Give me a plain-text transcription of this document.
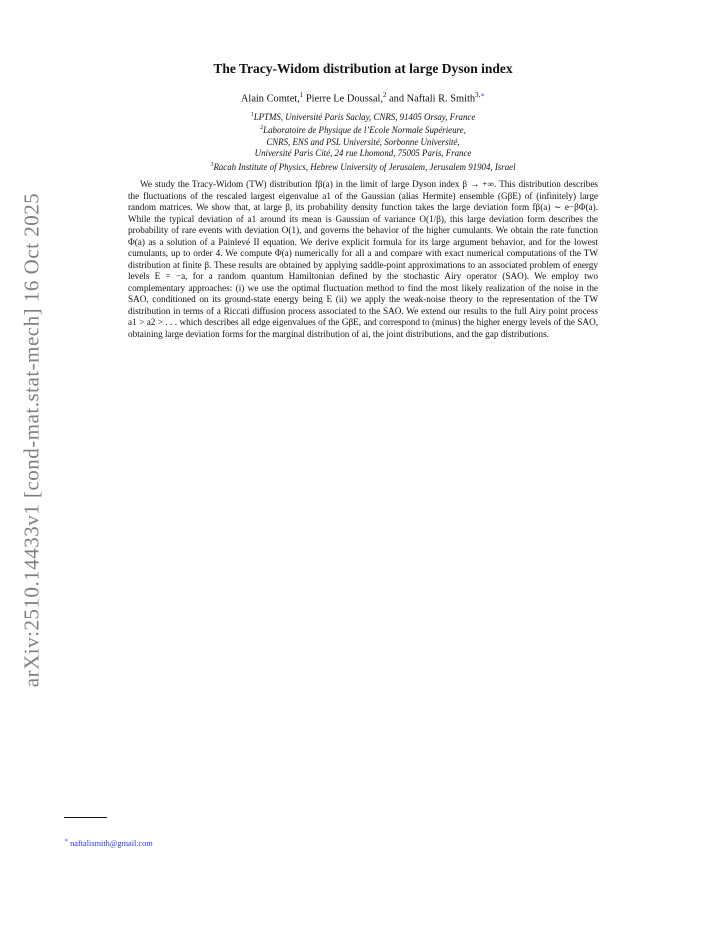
arXiv:2510.14433v1 [cond-mat.stat-mech] 16 Oct 2025
The Tracy-Widom distribution at large Dyson index
Alain Comtet,$^1$ Pierre Le Doussal,$^2$ and Naftali R. Smith$^{3,∗}$
$^1$LPTMS, Université Paris Saclay, CNRS, 91405 Orsay, France
$^2$Laboratoire de Physique de l’Ecole Normale Supérieure,
CNRS, ENS and PSL Université, Sorbonne Université,
Université Paris Cité, 24 rue Lhomond, 75005 Paris, France
$^3$Racah Institute of Physics, Hebrew University of Jerusalem, Jerusalem 91904, Israel

We study the Tracy-Widom (TW) distribution fβ(a) in the limit of large Dyson index β → +∞. This distribution describes the fluctuations of the rescaled largest eigenvalue a1 of the Gaussian (alias Hermite) ensemble (GβE) of (infinitely) large random matrices. We show that, at large β, its probability density function takes the large deviation form fβ(a) ∼ e−βΦ(a). While the typical deviation of a1 around its mean is Gaussian of variance O(1/β), this large deviation form describes the probability of rare events with deviation O(1), and governs the behavior of the higher cumulants. We obtain the rate function Φ(a) as a solution of a Painlevé II equation. We derive explicit formula for its large argument behavior, and for the lowest cumulants, up to order 4. We compute Φ(a) numerically for all a and compare with exact numerical computations of the TW distribution at finite β. These results are obtained by applying saddle-point approximations to an associated problem of energy levels E = −a, for a random quantum Hamiltonian defined by the stochastic Airy operator (SAO). We employ two complementary approaches: (i) we use the optimal fluctuation method to find the most likely realization of the noise in the SAO, conditioned on its ground-state energy being E (ii) we apply the weak-noise theory to the representation of the TW distribution in terms of a Riccati diffusion process associated to the SAO. We extend our results to the full Airy point process a1 > a2 > . . . which describes all edge eigenvalues of the GβE, and correspond to (minus) the higher energy levels of the SAO, obtaining large deviation forms for the marginal distribution of ai, the joint distributions, and the gap distributions.

∗ naftalismith@gmail.com
